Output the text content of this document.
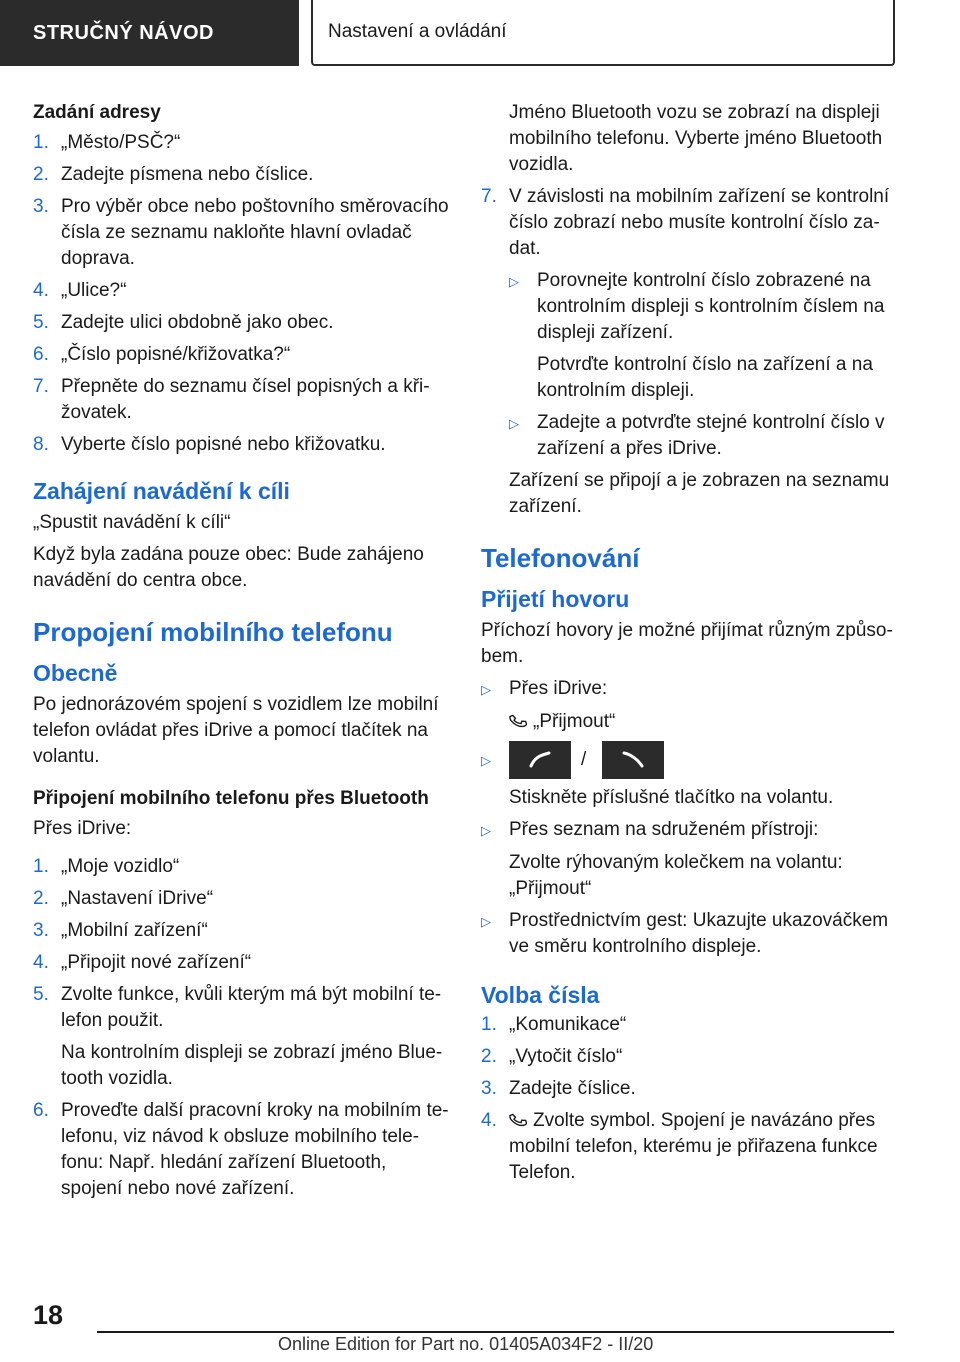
STRUČNÝ NÁVOD	Nastavení a ovládání
Zadání adresy
1. „Město/PSČ?“
2. Zadejte písmena nebo číslice.
3. Pro výběr obce nebo poštovního směrovacího čísla ze seznamu nakloňte hlavní ovladač doprava.
4. „Ulice?“
5. Zadejte ulici obdobně jako obec.
6. „Číslo popisné/křižovatka?“
7. Přepněte do seznamu čísel popisných a křižovatek.
8. Vyberte číslo popisné nebo křižovatku.
Zahájení navádění k cíli
„Spustit navádění k cíli“
Když byla zadána pouze obec: Bude zahájeno navádění do centra obce.
Propojení mobilního telefonu
Obecně
Po jednorázovém spojení s vozidlem lze mobilní telefon ovládat přes iDrive a pomocí tlačítek na volantu.
Připojení mobilního telefonu přes Bluetooth
Přes iDrive:
1. „Moje vozidlo“
2. „Nastavení iDrive“
3. „Mobilní zařízení“
4. „Připojit nové zařízení“
5. Zvolte funkce, kvůli kterým má být mobilní telefon použit.
Na kontrolním displeji se zobrazí jméno Bluetooth vozidla.
6. Proveďte další pracovní kroky na mobilním telefonu, viz návod k obsluze mobilního telefonu: Např. hledání zařízení Bluetooth, spojení nebo nové zařízení.
Jméno Bluetooth vozu se zobrazí na displeji mobilního telefonu. Vyberte jméno Bluetooth vozidla.
7. V závislosti na mobilním zařízení se kontrolní číslo zobrazí nebo musíte kontrolní číslo zadat.
▷ Porovnejte kontrolní číslo zobrazené na kontrolním displeji s kontrolním číslem na displeji zařízení.
Potvrďte kontrolní číslo na zařízení a na kontrolním displeji.
▷ Zadejte a potvrďte stejné kontrolní číslo v zařízení a přes iDrive.
Zařízení se připojí a je zobrazen na seznamu zařízení.
Telefonování
Přijetí hovoru
Příchozí hovory je možné přijímat různým způsobem.
▷ Přes iDrive:
„Přijmout“
▷	/
Stiskněte příslušné tlačítko na volantu.
▷ Přes seznam na sdruženém přístroji:
Zvolte rýhovaným kolečkem na volantu: „Přijmout“
▷ Prostřednictvím gest: Ukazujte ukazováčkem ve směru kontrolního displeje.
Volba čísla
1. „Komunikace“
2. „Vytočit číslo“
3. Zadejte číslice.
4.	Zvolte symbol. Spojení je navázáno přes mobilní telefon, kterému je přiřazena funkce Telefon.
18
Online Edition for Part no. 01405A034F2 - II/20
